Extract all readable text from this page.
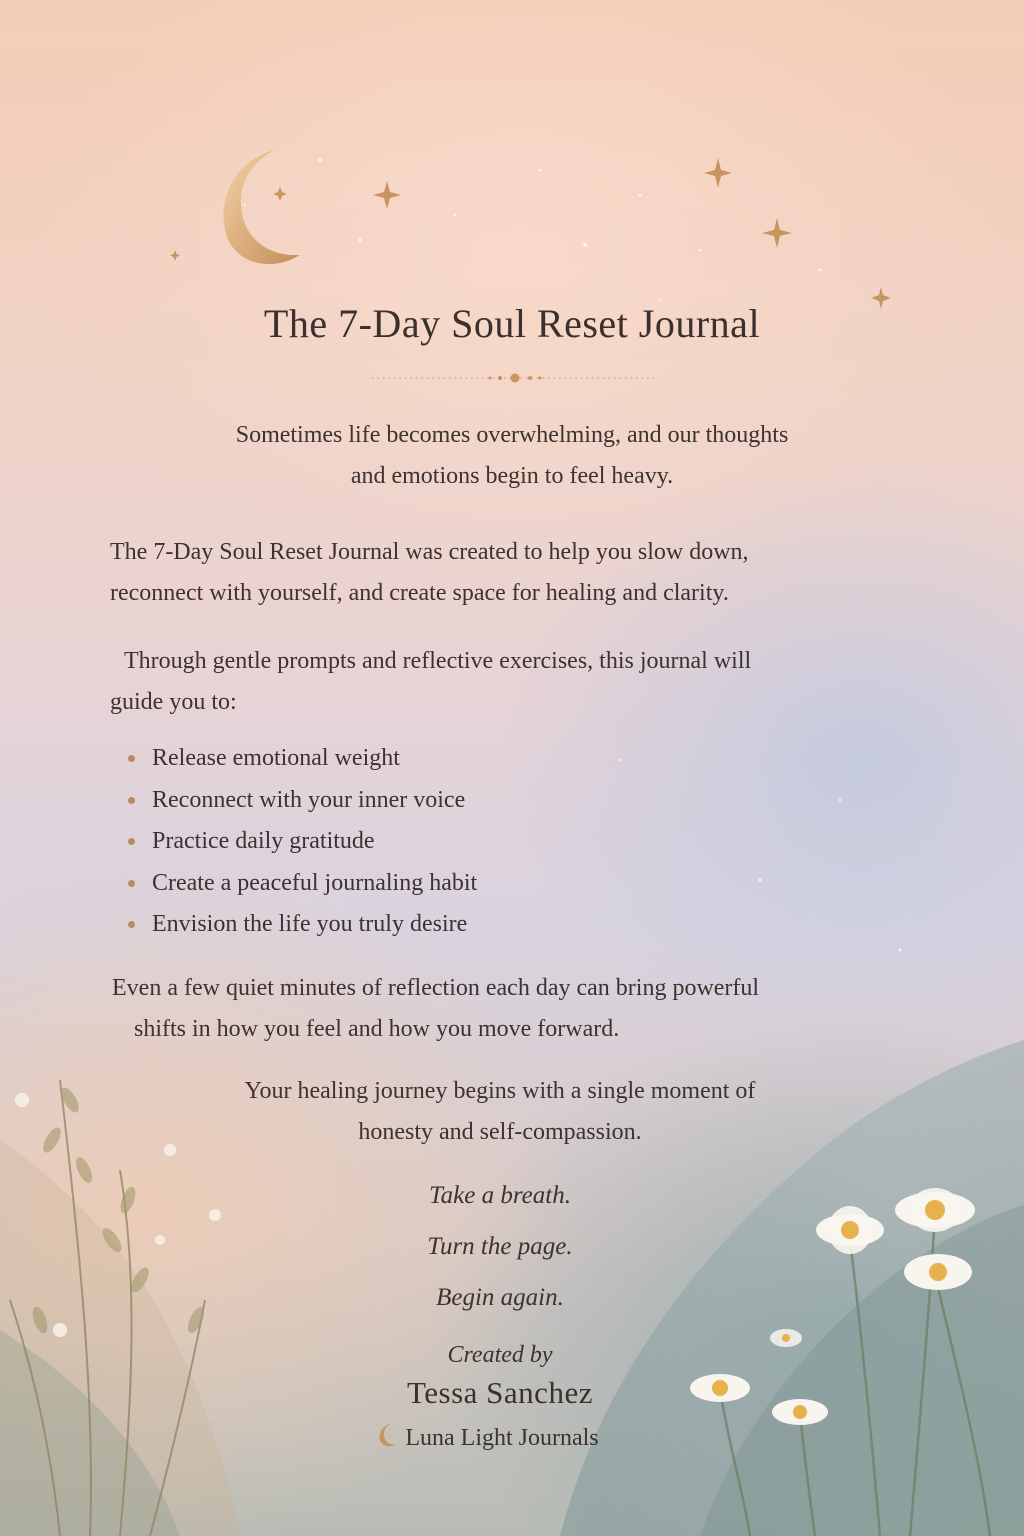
The 7-Day Soul Reset Journal
Sometimes life becomes overwhelming, and our thoughts
and emotions begin to feel heavy.
The 7-Day Soul Reset Journal was created to help you slow down,
reconnect with yourself, and create space for healing and clarity.
Through gentle prompts and reflective exercises, this journal will
guide you to:
Release emotional weight
Reconnect with your inner voice
Practice daily gratitude
Create a peaceful journaling habit
Envision the life you truly desire
Even a few quiet minutes of reflection each day can bring powerful
shifts in how you feel and how you move forward.
Your healing journey begins with a single moment of
honesty and self-compassion.
Take a breath.
Turn the page.
Begin again.
Created by
Tessa Sanchez
Luna Light Journals
